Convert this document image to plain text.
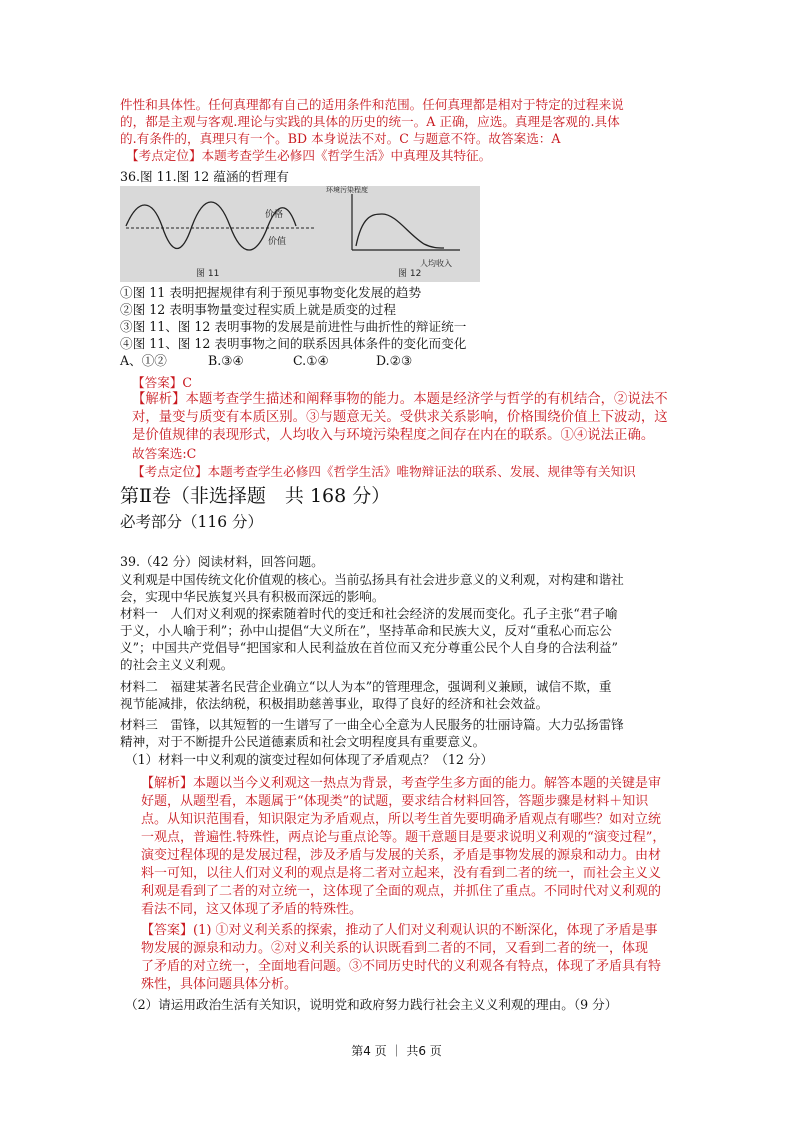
件性和具体性。任何真理都有自己的适用条件和范围。任何真理都是相对于特定的过程来说
的，都是主观与客观.理论与实践的具体的历史的统一。A 正确，应选。真理是客观的.具体
的.有条件的，真理只有一个。BD 本身说法不对。C 与题意不符。故答案选：A
【考点定位】本题考查学生必修四《哲学生活》中真理及其特征。
36.图 11.图 12 蕴涵的哲理有
价格
价值
图 11
环境污染程度
人均收入
图 12
①图 11 表明把握规律有利于预见事物变化发展的趋势
②图 12 表明事物量变过程实质上就是质变的过程
③图 11、图 12 表明事物的发展是前进性与曲折性的辩证统一
④图 11、图 12 表明事物之间的联系因具体条件的变化而变化
A、①②	B.③④	C.①④	D.②③
【答案】C
【解析】本题考查学生描述和阐释事物的能力。本题是经济学与哲学的有机结合，②说法不
对，量变与质变有本质区别。③与题意无关。受供求关系影响，价格围绕价值上下波动，这
是价值规律的表现形式，人均收入与环境污染程度之间存在内在的联系。①④说法正确。
故答案选:C
【考点定位】本题考查学生必修四《哲学生活》唯物辩证法的联系、发展、规律等有关知识
第Ⅱ卷（非选择题　共 168 分）
必考部分（116 分）
39.（42 分）阅读材料，回答问题。
义利观是中国传统文化价值观的核心。当前弘扬具有社会进步意义的义利观，对构建和谐社
会，实现中华民族复兴具有积极而深远的影响。
材料一　人们对义利观的探索随着时代的变迁和社会经济的发展而变化。孔子主张“君子喻
于义，小人喻于利”；孙中山提倡“大义所在”，坚持革命和民族大义，反对“重私心而忘公
义”；中国共产党倡导“把国家和人民利益放在首位而又充分尊重公民个人自身的合法利益”
的社会主义义利观。
材料二　福建某著名民营企业确立“以人为本”的管理理念，强调利义兼顾，诚信不欺，重
视节能减排，依法纳税，积极捐助慈善事业，取得了良好的经济和社会效益。
材料三　雷锋，以其短暂的一生谱写了一曲全心全意为人民服务的壮丽诗篇。大力弘扬雷锋
精神，对于不断提升公民道德素质和社会文明程度具有重要意义。
（1）材料一中义利观的演变过程如何体现了矛盾观点？（12 分）
【解析】本题以当今义利观这一热点为背景，考查学生多方面的能力。解答本题的关键是审
好题，从题型看，本题属于“体现类”的试题，要求结合材料回答，答题步骤是材料＋知识
点。从知识范围看，知识限定为矛盾观点，所以考生首先要明确矛盾观点有哪些？如对立统
一观点，普遍性.特殊性，两点论与重点论等。题干意题目是要求说明义利观的“演变过程”，
演变过程体现的是发展过程，涉及矛盾与发展的关系，矛盾是事物发展的源泉和动力。由材
料一可知，以往人们对义利的观点是将二者对立起来，没有看到二者的统一，而社会主义义
利观是看到了二者的对立统一，这体现了全面的观点，并抓住了重点。不同时代对义利观的
看法不同，这又体现了矛盾的特殊性。
【答案】(1) ①对义利关系的探索，推动了人们对义利观认识的不断深化，体现了矛盾是事
物发展的源泉和动力。②对义利关系的认识既看到二者的不同，又看到二者的统一，体现
了矛盾的对立统一，全面地看问题。③不同历史时代的义利观各有特点，体现了矛盾具有特
殊性，具体问题具体分析。
（2）请运用政治生活有关知识，说明党和政府努力践行社会主义义利观的理由。（9 分）
第4 页 ｜ 共6 页
